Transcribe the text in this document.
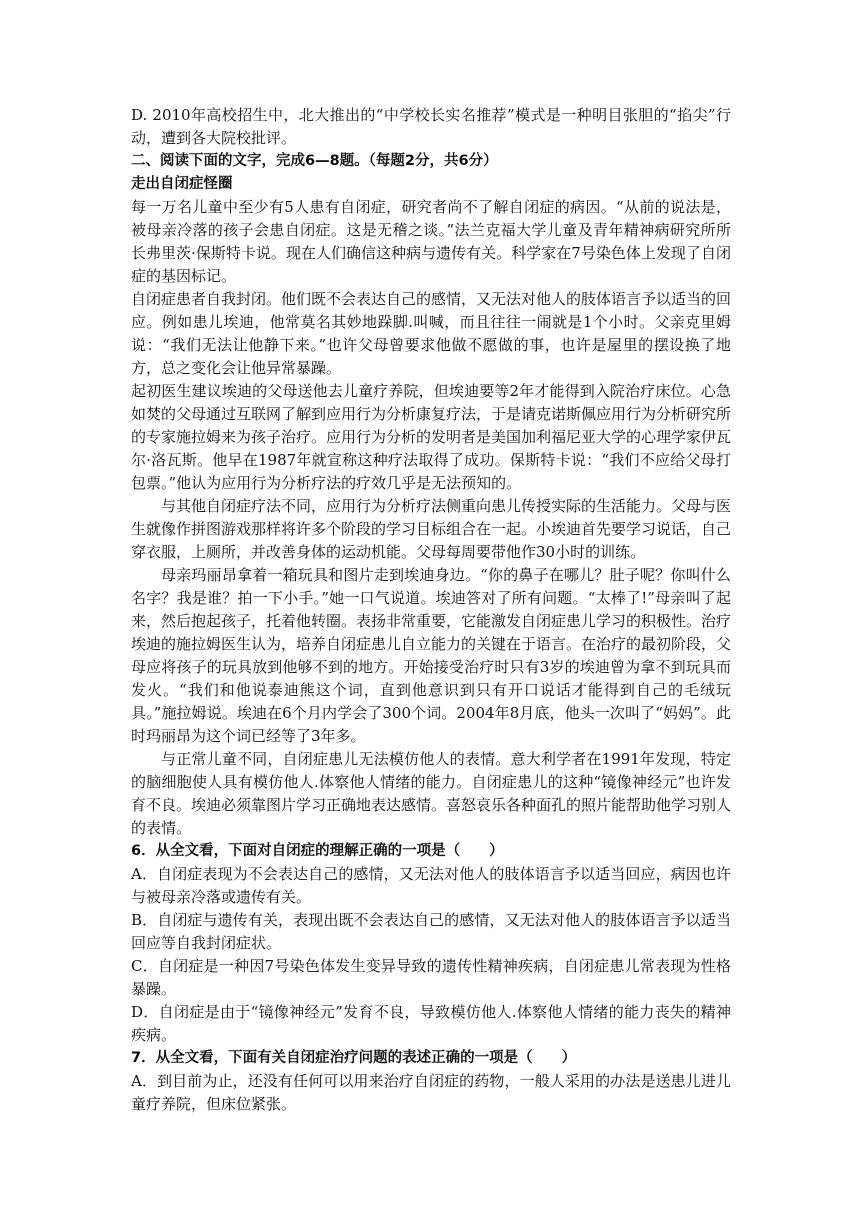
D. 2010年高校招生中，北大推出的“中学校长实名推荐”模式是一种明目张胆的“掐尖”行动，遭到各大院校批评。

二、阅读下面的文字，完成6—8题。（每题2分，共6分）

走出自闭症怪圈

每一万名儿童中至少有5人患有自闭症，研究者尚不了解自闭症的病因。“从前的说法是，被母亲冷落的孩子会患自闭症。这是无稽之谈。”法兰克福大学儿童及青年精神病研究所所长弗里茨·保斯特卡说。现在人们确信这种病与遗传有关。科学家在7号染色体上发现了自闭症的基因标记。

自闭症患者自我封闭。他们既不会表达自己的感情，又无法对他人的肢体语言予以适当的回应。例如患儿埃迪，他常莫名其妙地跺脚.叫喊，而且往往一闹就是1个小时。父亲克里姆说：“我们无法让他静下来。”也许父母曾要求他做不愿做的事，也许是屋里的摆设换了地方，总之变化会让他异常暴躁。

起初医生建议埃迪的父母送他去儿童疗养院，但埃迪要等2年才能得到入院治疗床位。心急如焚的父母通过互联网了解到应用行为分析康复疗法，于是请克诺斯佩应用行为分析研究所的专家施拉姆来为孩子治疗。应用行为分析的发明者是美国加利福尼亚大学的心理学家伊瓦尔·洛瓦斯。他早在1987年就宣称这种疗法取得了成功。保斯特卡说：“我们不应给父母打包票。”他认为应用行为分析疗法的疗效几乎是无法预知的。

与其他自闭症疗法不同，应用行为分析疗法侧重向患儿传授实际的生活能力。父母与医生就像作拼图游戏那样将许多个阶段的学习目标组合在一起。小埃迪首先要学习说话，自己穿衣服，上厕所，并改善身体的运动机能。父母每周要带他作30小时的训练。

母亲玛丽昂拿着一箱玩具和图片走到埃迪身边。“你的鼻子在哪儿？肚子呢？你叫什么名字？我是谁？拍一下小手。”她一口气说道。埃迪答对了所有问题。“太棒了!”母亲叫了起来，然后抱起孩子，托着他转圈。表扬非常重要，它能激发自闭症患儿学习的积极性。治疗埃迪的施拉姆医生认为，培养自闭症患儿自立能力的关键在于语言。在治疗的最初阶段，父母应将孩子的玩具放到他够不到的地方。开始接受治疗时只有3岁的埃迪曾为拿不到玩具而发火。“我们和他说泰迪熊这个词，直到他意识到只有开口说话才能得到自己的毛绒玩具。”施拉姆说。埃迪在6个月内学会了300个词。2004年8月底，他头一次叫了“妈妈”。此时玛丽昂为这个词已经等了3年多。

与正常儿童不同，自闭症患儿无法模仿他人的表情。意大利学者在1991年发现，特定的脑细胞使人具有模仿他人.体察他人情绪的能力。自闭症患儿的这种“镜像神经元”也许发育不良。埃迪必须靠图片学习正确地表达感情。喜怒哀乐各种面孔的照片能帮助他学习别人的表情。

6．从全文看，下面对自闭症的理解正确的一项是（　　）

A．自闭症表现为不会表达自己的感情，又无法对他人的肢体语言予以适当回应，病因也许与被母亲冷落或遗传有关。

B．自闭症与遗传有关，表现出既不会表达自己的感情，又无法对他人的肢体语言予以适当回应等自我封闭症状。

C．自闭症是一种因7号染色体发生变异导致的遗传性精神疾病，自闭症患儿常表现为性格暴躁。

D．自闭症是由于“镜像神经元”发育不良，导致模仿他人.体察他人情绪的能力丧失的精神疾病。

7．从全文看，下面有关自闭症治疗问题的表述正确的一项是（　　）

A．到目前为止，还没有任何可以用来治疗自闭症的药物，一般人采用的办法是送患儿进儿童疗养院，但床位紧张。
